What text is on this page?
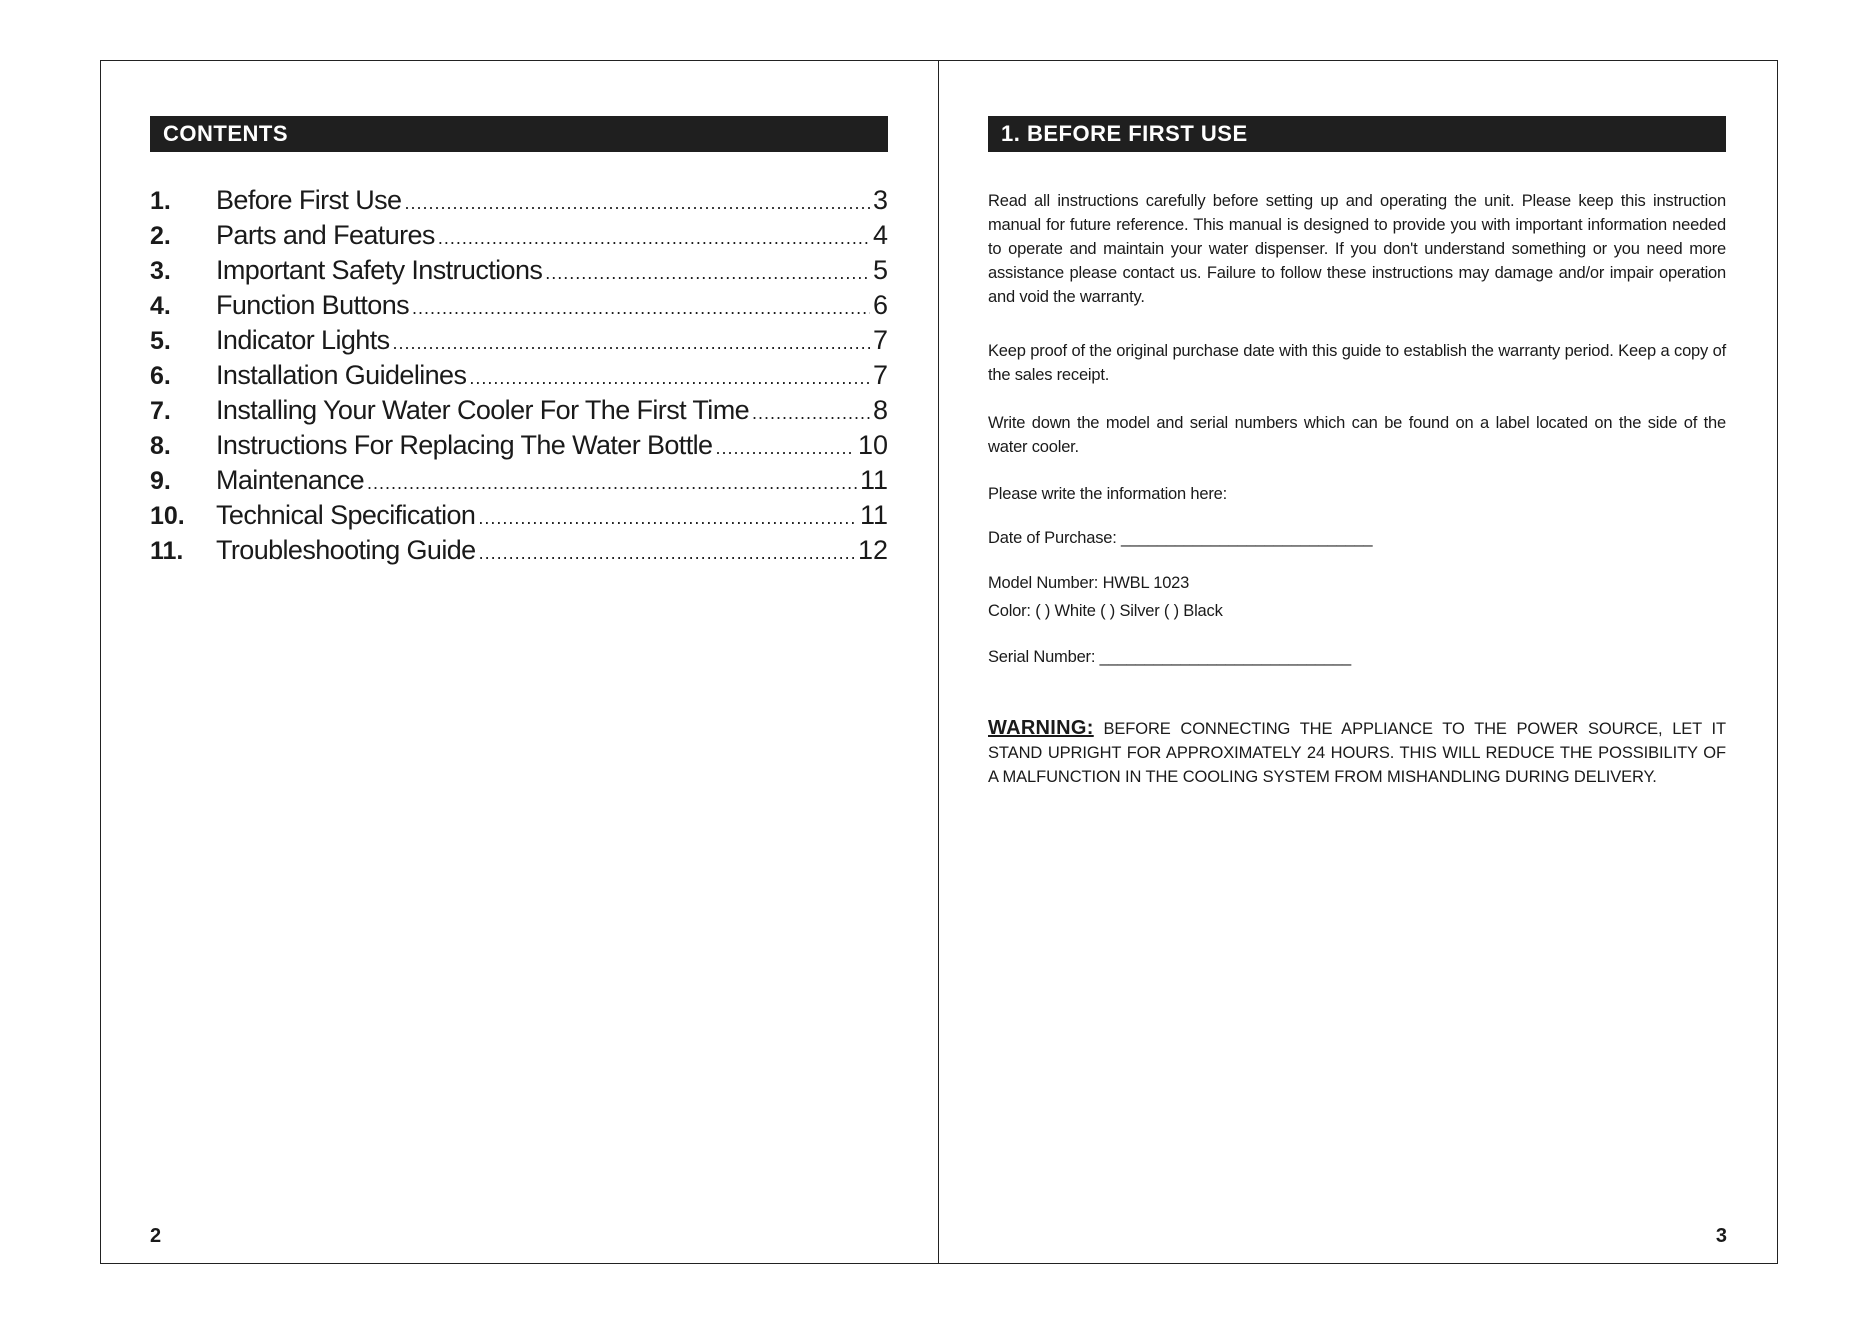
CONTENTS
1.	Before First Use .....	3
2.	Parts and Features .....	4
3.	Important Safety Instructions .....	5
4.	Function Buttons .....	6
5.	Indicator Lights .....	7
6.	Installation Guidelines .....	7
7.	Installing Your Water Cooler For The First Time .....	8
8.	Instructions For Replacing The Water Bottle .....	10
9.	Maintenance .....	11
10.	Technical Specification .....	11
11.	Troubleshooting Guide .....	12
2
1. BEFORE FIRST USE
Read all instructions carefully before setting up and operating the unit. Please keep this instruction manual for future reference. This manual is designed to provide you with important information needed to operate and maintain your water dispenser. If you don't understand something or you need more assistance please contact us. Failure to follow these instructions may damage and/or impair operation and void the warranty.
Keep proof of the original purchase date with this guide to establish the warranty period. Keep a copy of the sales receipt.
Write down the model and serial numbers which can be found on a label located on the side of the water cooler.
Please write the information here:
Date of Purchase: ____________________________
Model Number: HWBL 1023
Color: ( ) White ( ) Silver ( ) Black
Serial Number: ____________________________
WARNING: BEFORE CONNECTING THE APPLIANCE TO THE POWER SOURCE, LET IT STAND UPRIGHT FOR APPROXIMATELY 24 HOURS. THIS WILL REDUCE THE POSSIBILITY OF A MALFUNCTION IN THE COOLING SYSTEM FROM MISHANDLING DURING DELIVERY.
3
